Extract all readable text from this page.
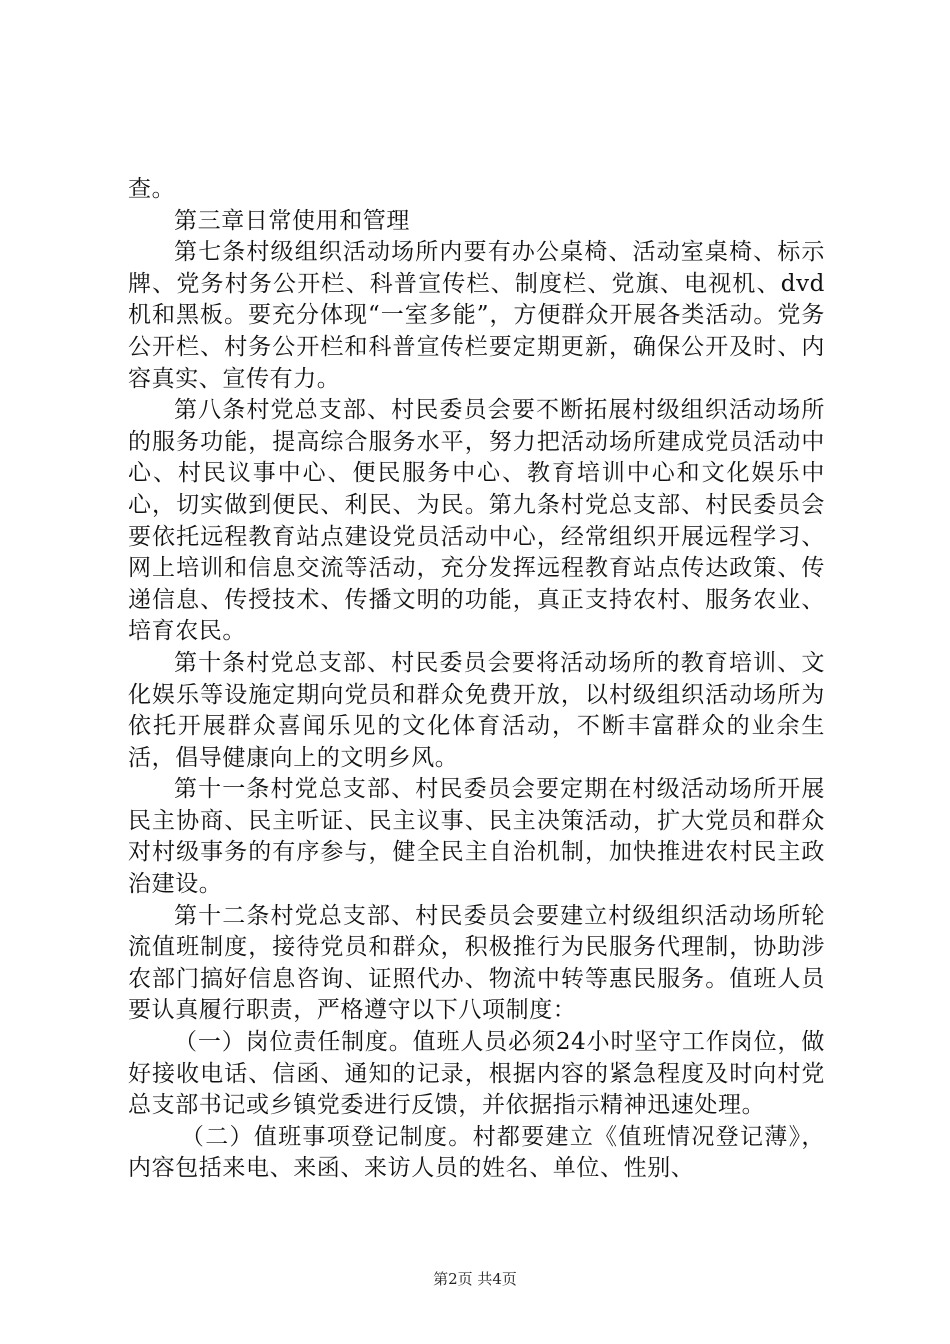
查。

第三章日常使用和管理

第七条村级组织活动场所内要有办公桌椅、活动室桌椅、标示牌、党务村务公开栏、科普宣传栏、制度栏、党旗、电视机、dvd机和黑板。要充分体现“一室多能”，方便群众开展各类活动。党务公开栏、村务公开栏和科普宣传栏要定期更新，确保公开及时、内容真实、宣传有力。

第八条村党总支部、村民委员会要不断拓展村级组织活动场所的服务功能，提高综合服务水平，努力把活动场所建成党员活动中心、村民议事中心、便民服务中心、教育培训中心和文化娱乐中心，切实做到便民、利民、为民。第九条村党总支部、村民委员会要依托远程教育站点建设党员活动中心，经常组织开展远程学习、网上培训和信息交流等活动，充分发挥远程教育站点传达政策、传递信息、传授技术、传播文明的功能，真正支持农村、服务农业、培育农民。

第十条村党总支部、村民委员会要将活动场所的教育培训、文化娱乐等设施定期向党员和群众免费开放，以村级组织活动场所为依托开展群众喜闻乐见的文化体育活动，不断丰富群众的业余生活，倡导健康向上的文明乡风。

第十一条村党总支部、村民委员会要定期在村级活动场所开展民主协商、民主听证、民主议事、民主决策活动，扩大党员和群众对村级事务的有序参与，健全民主自治机制，加快推进农村民主政治建设。

第十二条村党总支部、村民委员会要建立村级组织活动场所轮流值班制度，接待党员和群众，积极推行为民服务代理制，协助涉农部门搞好信息咨询、证照代办、物流中转等惠民服务。值班人员要认真履行职责，严格遵守以下八项制度：

（一）岗位责任制度。值班人员必须24小时坚守工作岗位，做好接收电话、信函、通知的记录，根据内容的紧急程度及时向村党总支部书记或乡镇党委进行反馈，并依据指示精神迅速处理。

（二）值班事项登记制度。村都要建立《值班情况登记薄》，内容包括来电、来函、来访人员的姓名、单位、性别、

第2页 共4页
